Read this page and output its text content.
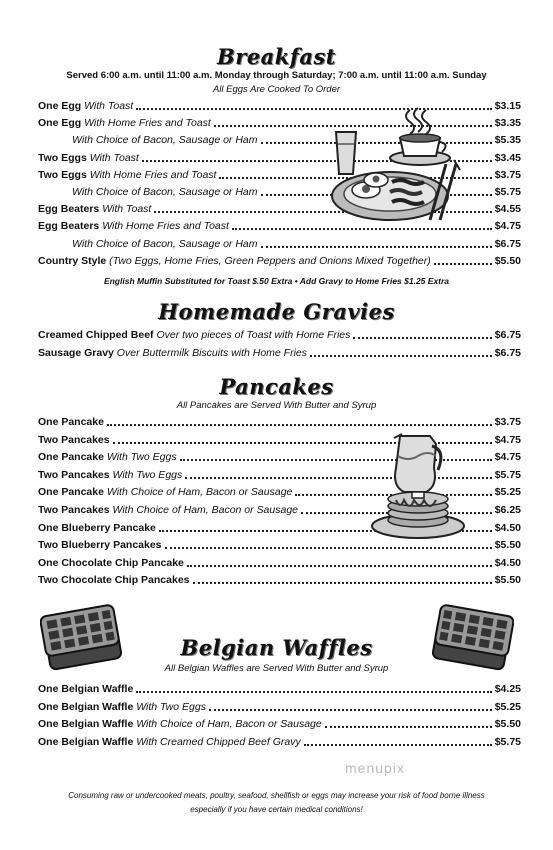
Breakfast
Served 6:00 a.m. until 11:00 a.m. Monday through Saturday; 7:00 a.m. until 11:00 a.m. Sunday
All Eggs Are Cooked To Order
One Egg With Toast	$3.15
One Egg With Home Fries and Toast	$3.35
With Choice of Bacon, Sausage or Ham	$5.35
Two Eggs With Toast	$3.45
Two Eggs With Home Fries and Toast	$3.75
With Choice of Bacon, Sausage or Ham	$5.75
Egg Beaters With Toast	$4.55
Egg Beaters With Home Fries and Toast	$4.75
With Choice of Bacon, Sausage or Ham	$6.75
Country Style (Two Eggs, Home Fries, Green Peppers and Onions Mixed Together)	$5.50
English Muffin Substituted for Toast $.50 Extra • Add Gravy to Home Fries $1.25 Extra
Homemade Gravies
Creamed Chipped Beef Over two pieces of Toast with Home Fries	$6.75
Sausage Gravy Over Buttermilk Biscuits with Home Fries	$6.75
Pancakes
All Pancakes are Served With Butter and Syrup
One Pancake	$3.75
Two Pancakes	$4.75
One Pancake With Two Eggs	$4.75
Two Pancakes With Two Eggs	$5.75
One Pancake With Choice of Ham, Bacon or Sausage	$5.25
Two Pancakes With Choice of Ham, Bacon or Sausage	$6.25
One Blueberry Pancake	$4.50
Two Blueberry Pancakes	$5.50
One Chocolate Chip Pancake	$4.50
Two Chocolate Chip Pancakes	$5.50
Belgian Waffles
All Belgian Waffles are Served With Butter and Syrup
One Belgian Waffle	$4.25
One Belgian Waffle With Two Eggs	$5.25
One Belgian Waffle With Choice of Ham, Bacon or Sausage	$5.50
One Belgian Waffle With Creamed Chipped Beef Gravy	$5.75
Consuming raw or undercooked meats, poultry, seafood, shellfish or eggs may increase your risk of food borne illness
especially if you have certain medical conditions!
menupix
